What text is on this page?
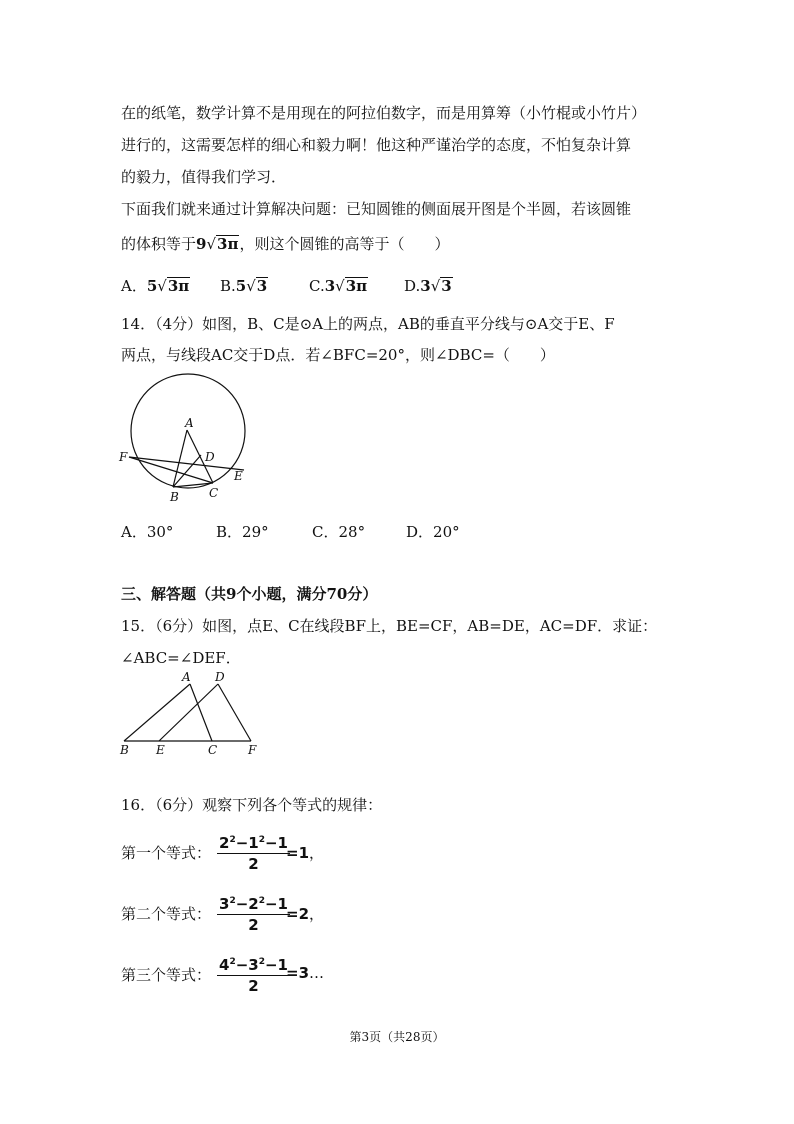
在的纸笔，数学计算不是用现在的阿拉伯数字，而是用算筹（小竹棍或小竹片）
进行的，这需要怎样的细心和毅力啊！他这种严谨治学的态度，不怕复杂计算
的毅力，值得我们学习．
下面我们就来通过计算解决问题：已知圆锥的侧面展开图是个半圆，若该圆锥
的体积等于9√3π，则这个圆锥的高等于（　　）
A．5√3π B.5√3	C.3√3π D.3√3
14．（4分）如图，B、C是⊙A上的两点，AB的垂直平分线与⊙A交于E、F
两点，与线段AC交于D点．若∠BFC=20°，则∠DBC=（　　）
A
D
F
E
B	C
A．30°	B．29°	C．28°	D．20°
三、解答题（共9个小题，满分70分）
15．（6分）如图，点E、C在线段BF上，BE=CF，AB=DE，AC=DF．求证：
∠ABC=∠DEF．
A D
B E	C	F
16．（6分）观察下列各个等式的规律：
第一个等式： $\frac{2^2-1^2-1}{2}$
=1，
第二个等式： $\frac{3^2-2^2-1}{2}$
=2，
第三个等式： $\frac{4^2-3^2-1}{2}$
=3…
第3页（共28页）
